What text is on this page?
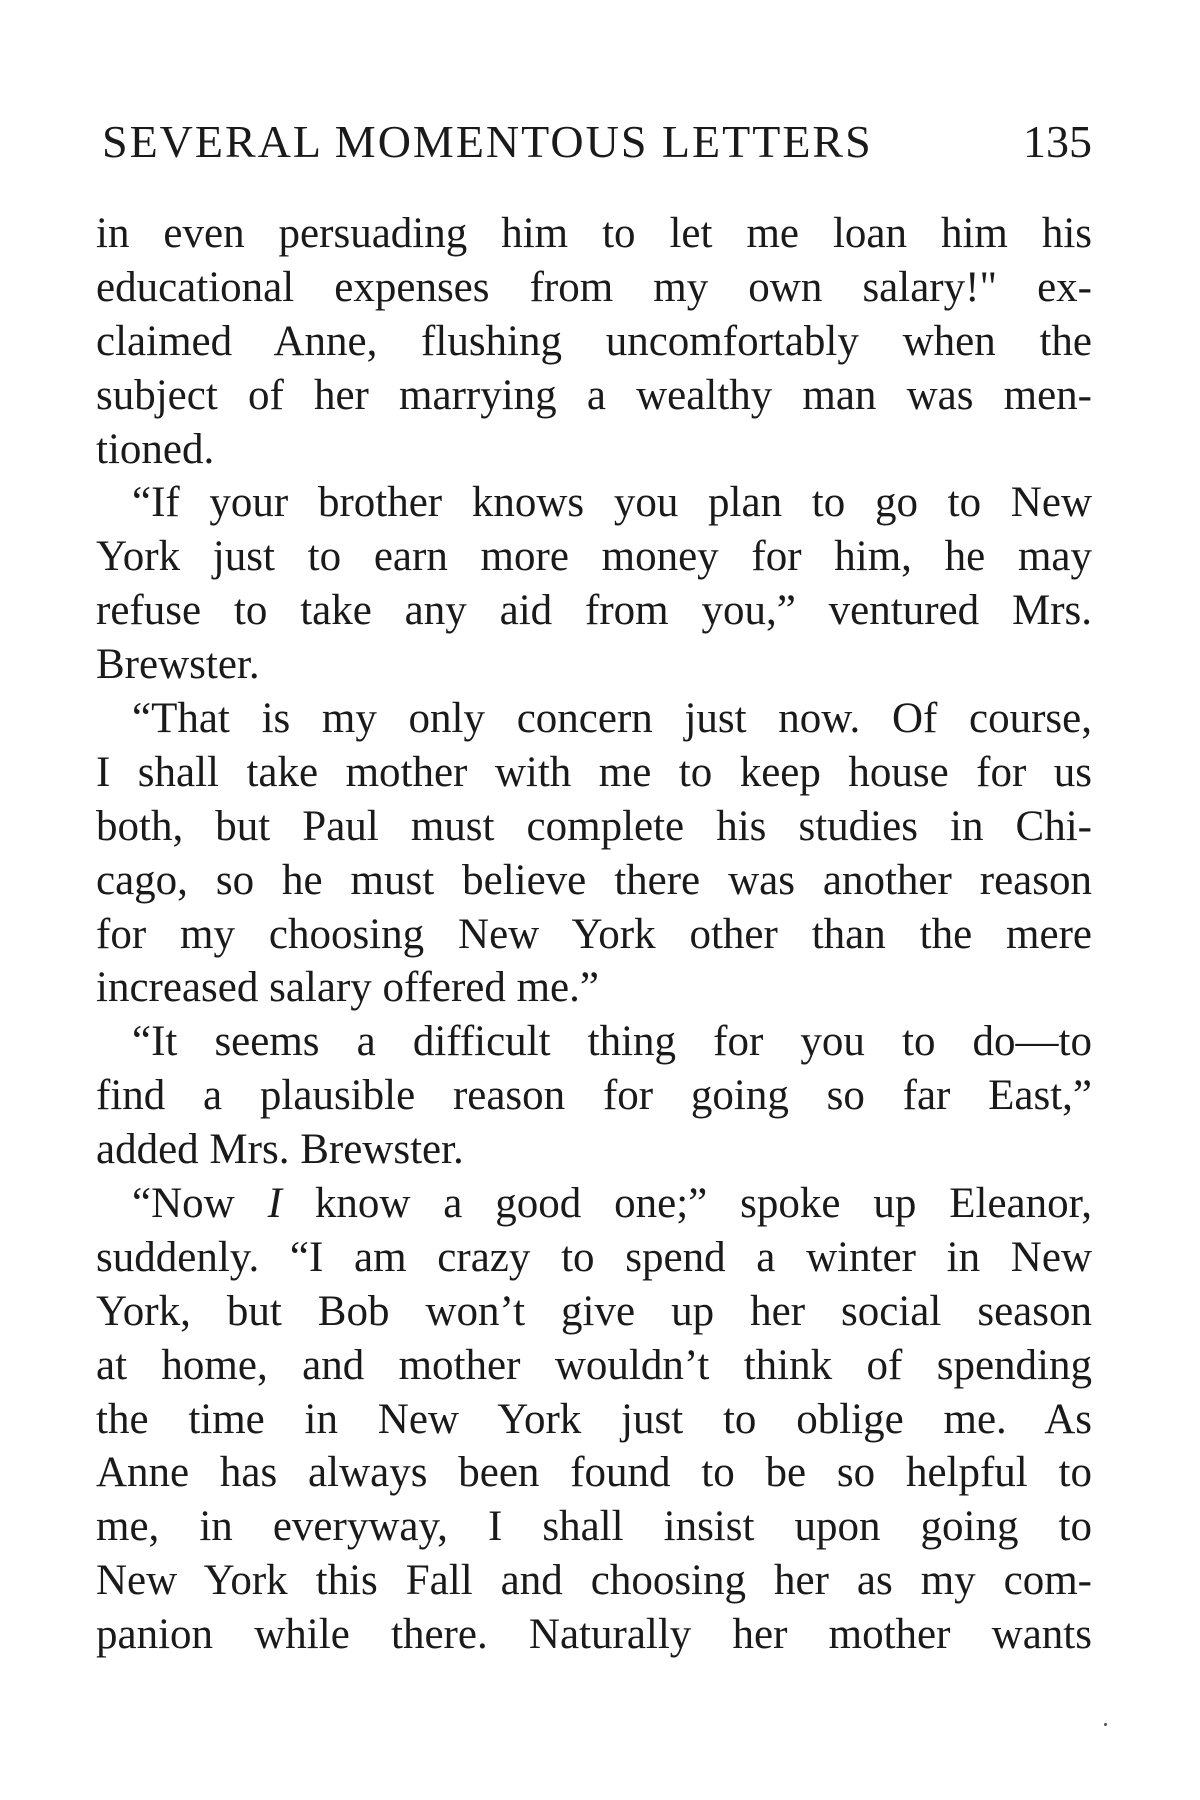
SEVERAL MOMENTOUS LETTERS	135
in even persuading him to let me loan him his
educational expenses from my own salary!" ex-
claimed Anne, flushing uncomfortably when the
subject of her marrying a wealthy man was men-
tioned.
“If your brother knows you plan to go to New
York just to earn more money for him, he may
refuse to take any aid from you,” ventured Mrs.
Brewster.
“That is my only concern just now. Of course,
I shall take mother with me to keep house for us
both, but Paul must complete his studies in Chi-
cago, so he must believe there was another reason
for my choosing New York other than the mere
increased salary offered me.”
“It seems a difficult thing for you to do—to
find a plausible reason for going so far East,”
added Mrs. Brewster.
“Now I know a good one;” spoke up Eleanor,
suddenly. “I am crazy to spend a winter in New
York, but Bob won’t give up her social season
at home, and mother wouldn’t think of spending
the time in New York just to oblige me. As
Anne has always been found to be so helpful to
me, in everyway, I shall insist upon going to
New York this Fall and choosing her as my com-
panion while there. Naturally her mother wants
